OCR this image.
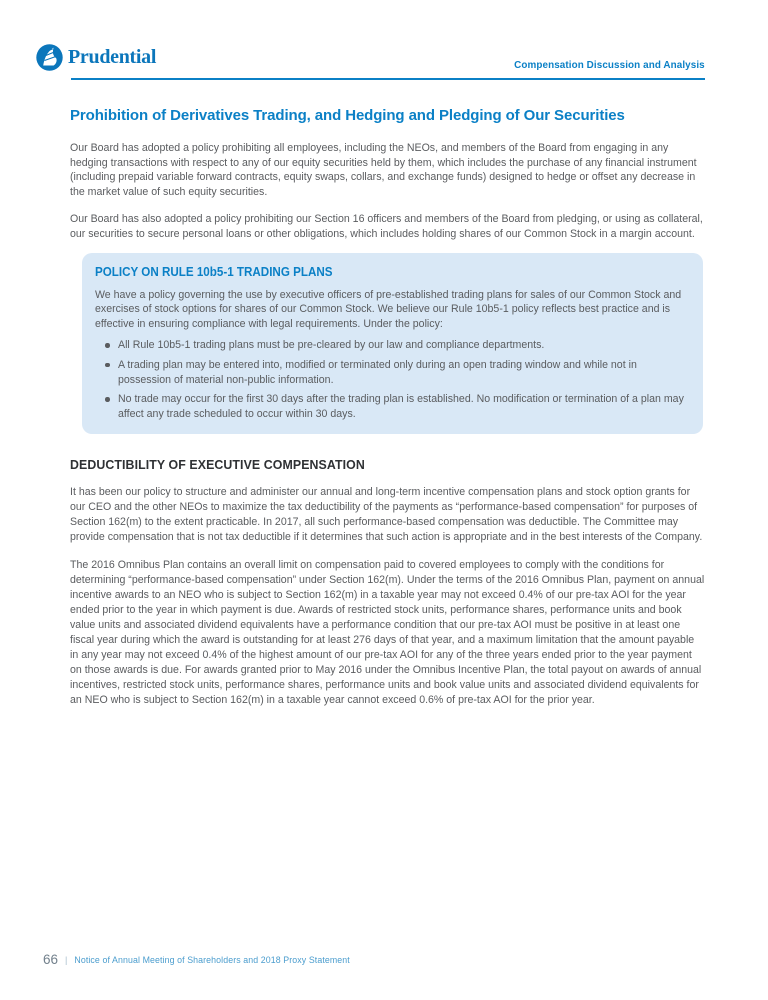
Prudential	Compensation Discussion and Analysis
Prohibition of Derivatives Trading, and Hedging and Pledging of Our Securities

Our Board has adopted a policy prohibiting all employees, including the NEOs, and members of the Board from engaging in any hedging transactions with respect to any of our equity securities held by them, which includes the purchase of any financial instrument (including prepaid variable forward contracts, equity swaps, collars, and exchange funds) designed to hedge or offset any decrease in the market value of such equity securities.

Our Board has also adopted a policy prohibiting our Section 16 officers and members of the Board from pledging, or using as collateral, our securities to secure personal loans or other obligations, which includes holding shares of our Common Stock in a margin account.

POLICY ON RULE 10b5-1 TRADING PLANS

We have a policy governing the use by executive officers of pre-established trading plans for sales of our Common Stock and exercises of stock options for shares of our Common Stock. We believe our Rule 10b5-1 policy reflects best practice and is effective in ensuring compliance with legal requirements. Under the policy:

All Rule 10b5-1 trading plans must be pre-cleared by our law and compliance departments.
A trading plan may be entered into, modified or terminated only during an open trading window and while not in possession of material non-public information.
No trade may occur for the first 30 days after the trading plan is established. No modification or termination of a plan may affect any trade scheduled to occur within 30 days.
DEDUCTIBILITY OF EXECUTIVE COMPENSATION

It has been our policy to structure and administer our annual and long-term incentive compensation plans and stock option grants for our CEO and the other NEOs to maximize the tax deductibility of the payments as “performance-based compensation” for purposes of Section 162(m) to the extent practicable. In 2017, all such performance-based compensation was deductible. The Committee may provide compensation that is not tax deductible if it determines that such action is appropriate and in the best interests of the Company.

The 2016 Omnibus Plan contains an overall limit on compensation paid to covered employees to comply with the conditions for determining “performance-based compensation” under Section 162(m). Under the terms of the 2016 Omnibus Plan, payment on annual incentive awards to an NEO who is subject to Section 162(m) in a taxable year may not exceed 0.4% of our pre-tax AOI for the year ended prior to the year in which payment is due. Awards of restricted stock units, performance shares, performance units and book value units and associated dividend equivalents have a performance condition that our pre-tax AOI must be positive in at least one fiscal year during which the award is outstanding for at least 276 days of that year, and a maximum limitation that the amount payable in any year may not exceed 0.4% of the highest amount of our pre-tax AOI for any of the three years ended prior to the year payment on those awards is due. For awards granted prior to May 2016 under the Omnibus Incentive Plan, the total payout on awards of annual incentives, restricted stock units, performance shares, performance units and book value units and associated dividend equivalents for an NEO who is subject to Section 162(m) in a taxable year cannot exceed 0.6% of pre-tax AOI for the prior year.

66 | Notice of Annual Meeting of Shareholders and 2018 Proxy Statement
